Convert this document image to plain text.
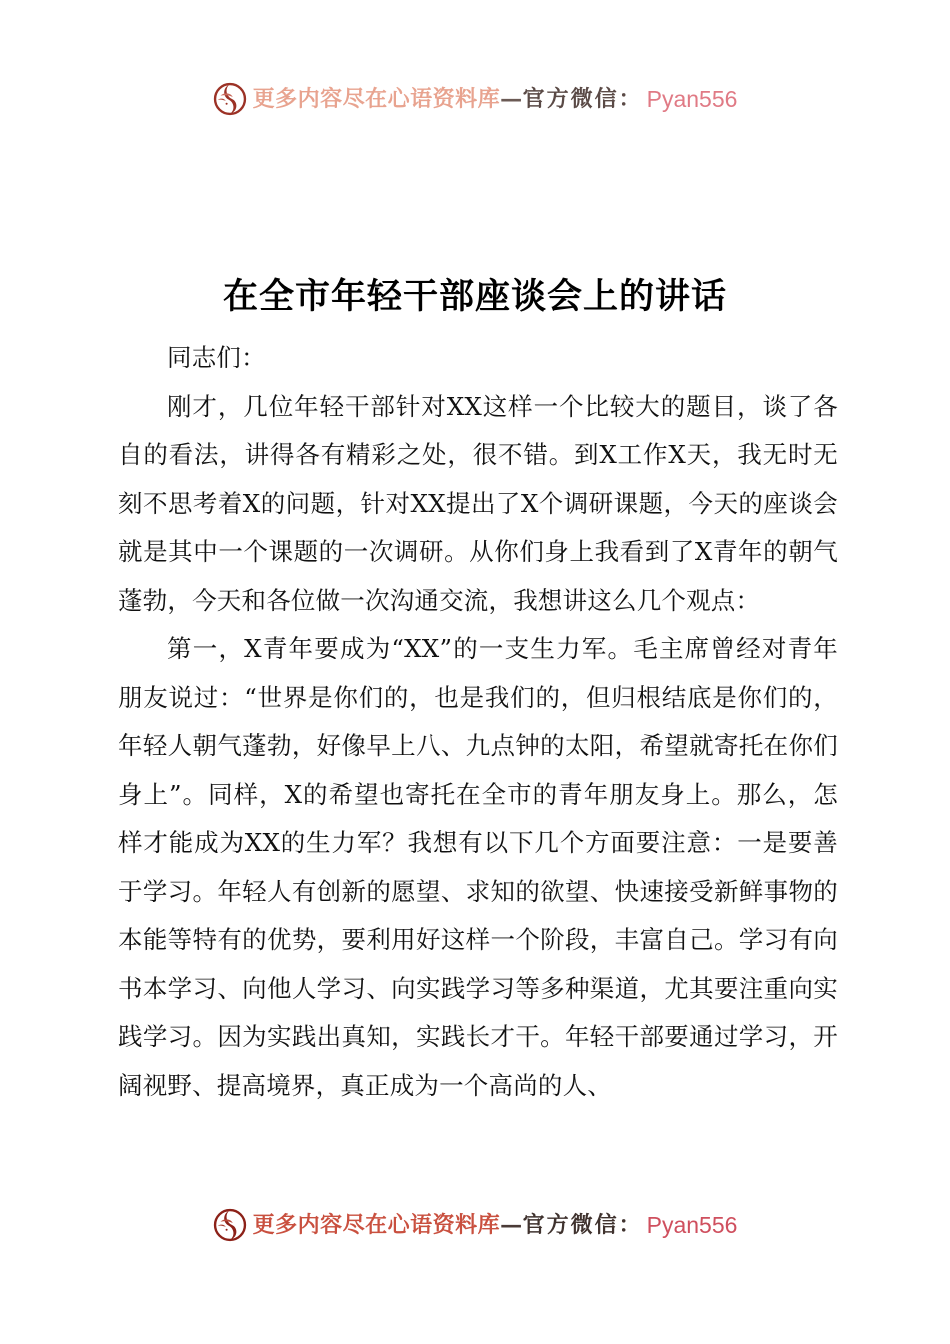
更多内容尽在心语资料库 — 官方微信： Pyan556
在全市年轻干部座谈会上的讲话

同志们：

刚才，几位年轻干部针对XX这样一个比较大的题目，谈了各自的看法，讲得各有精彩之处，很不错。到X工作X天，我无时无刻不思考着X的问题，针对XX提出了X个调研课题，今天的座谈会就是其中一个课题的一次调研。从你们身上我看到了X青年的朝气蓬勃，今天和各位做一次沟通交流，我想讲这么几个观点：

第一，X青年要成为“XX”的一支生力军。毛主席曾经对青年朋友说过：“世界是你们的，也是我们的，但归根结底是你们的，年轻人朝气蓬勃，好像早上八、九点钟的太阳，希望就寄托在你们身上”。同样，X的希望也寄托在全市的青年朋友身上。那么，怎样才能成为XX的生力军？我想有以下几个方面要注意：一是要善于学习。年轻人有创新的愿望、求知的欲望、快速接受新鲜事物的本能等特有的优势，要利用好这样一个阶段，丰富自己。学习有向书本学习、向他人学习、向实践学习等多种渠道，尤其要注重向实践学习。因为实践出真知，实践长才干。年轻干部要通过学习，开阔视野、提高境界，真正成为一个高尚的人、

更多内容尽在心语资料库 — 官方微信： Pyan556
